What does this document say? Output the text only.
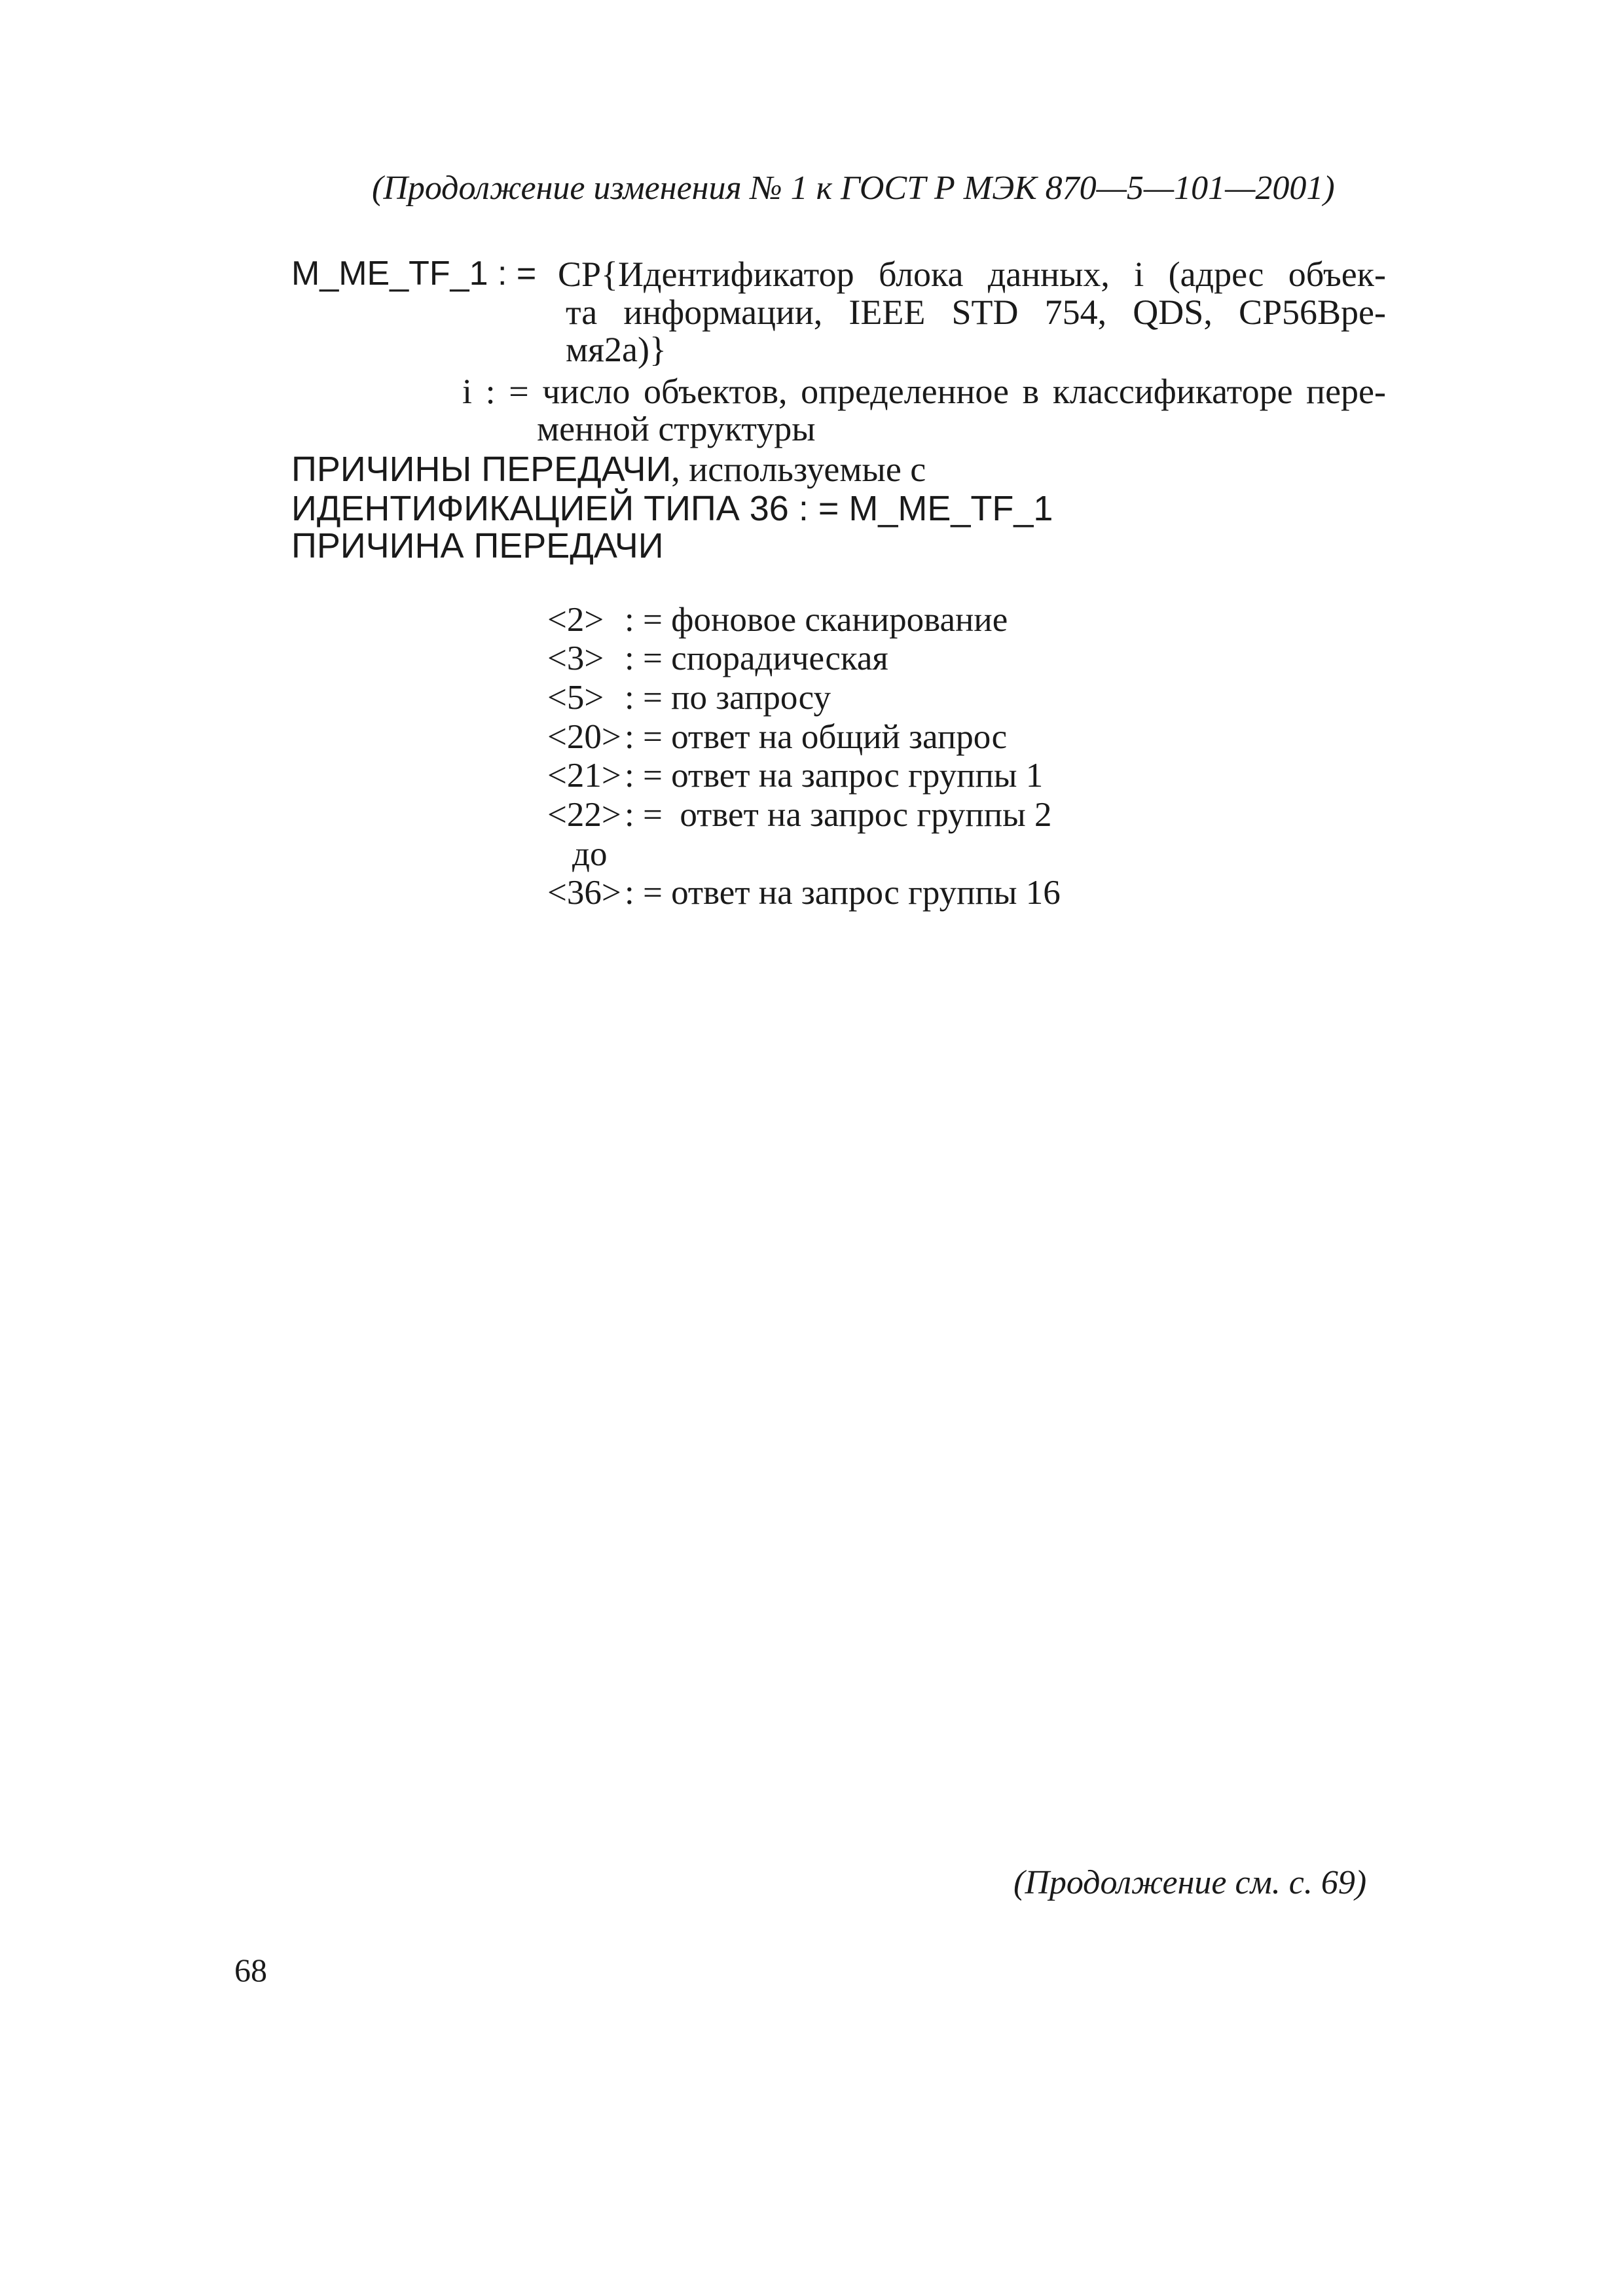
(Продолжение изменения № 1 к ГОСТ Р МЭК 870—5—101—2001)
M_ME_TF_1 : = CP{Идентификатор блока данных, i (адрес объек-
та информации, IEEE STD 754, QDS, СР56Вре-
мя2а)}
i : = число объектов, определенное в классификаторе пере-
менной структуры
ПРИЧИНЫ ПЕРЕДАЧИ, используемые с
ИДЕНТИФИКАЦИЕЙ ТИПА 36 : = M_ME_TF_1
ПРИЧИНА ПЕРЕДАЧИ

<2> : = фоновое сканирование

<3> : = спорадическая

<5> : = по запросу

<20>: = ответ на общий запрос

<21>: = ответ на запрос группы 1

<22>: =  ответ на запрос группы 2

до

<36>: = ответ на запрос группы 16

(Продолжение см. с. 69)
68
